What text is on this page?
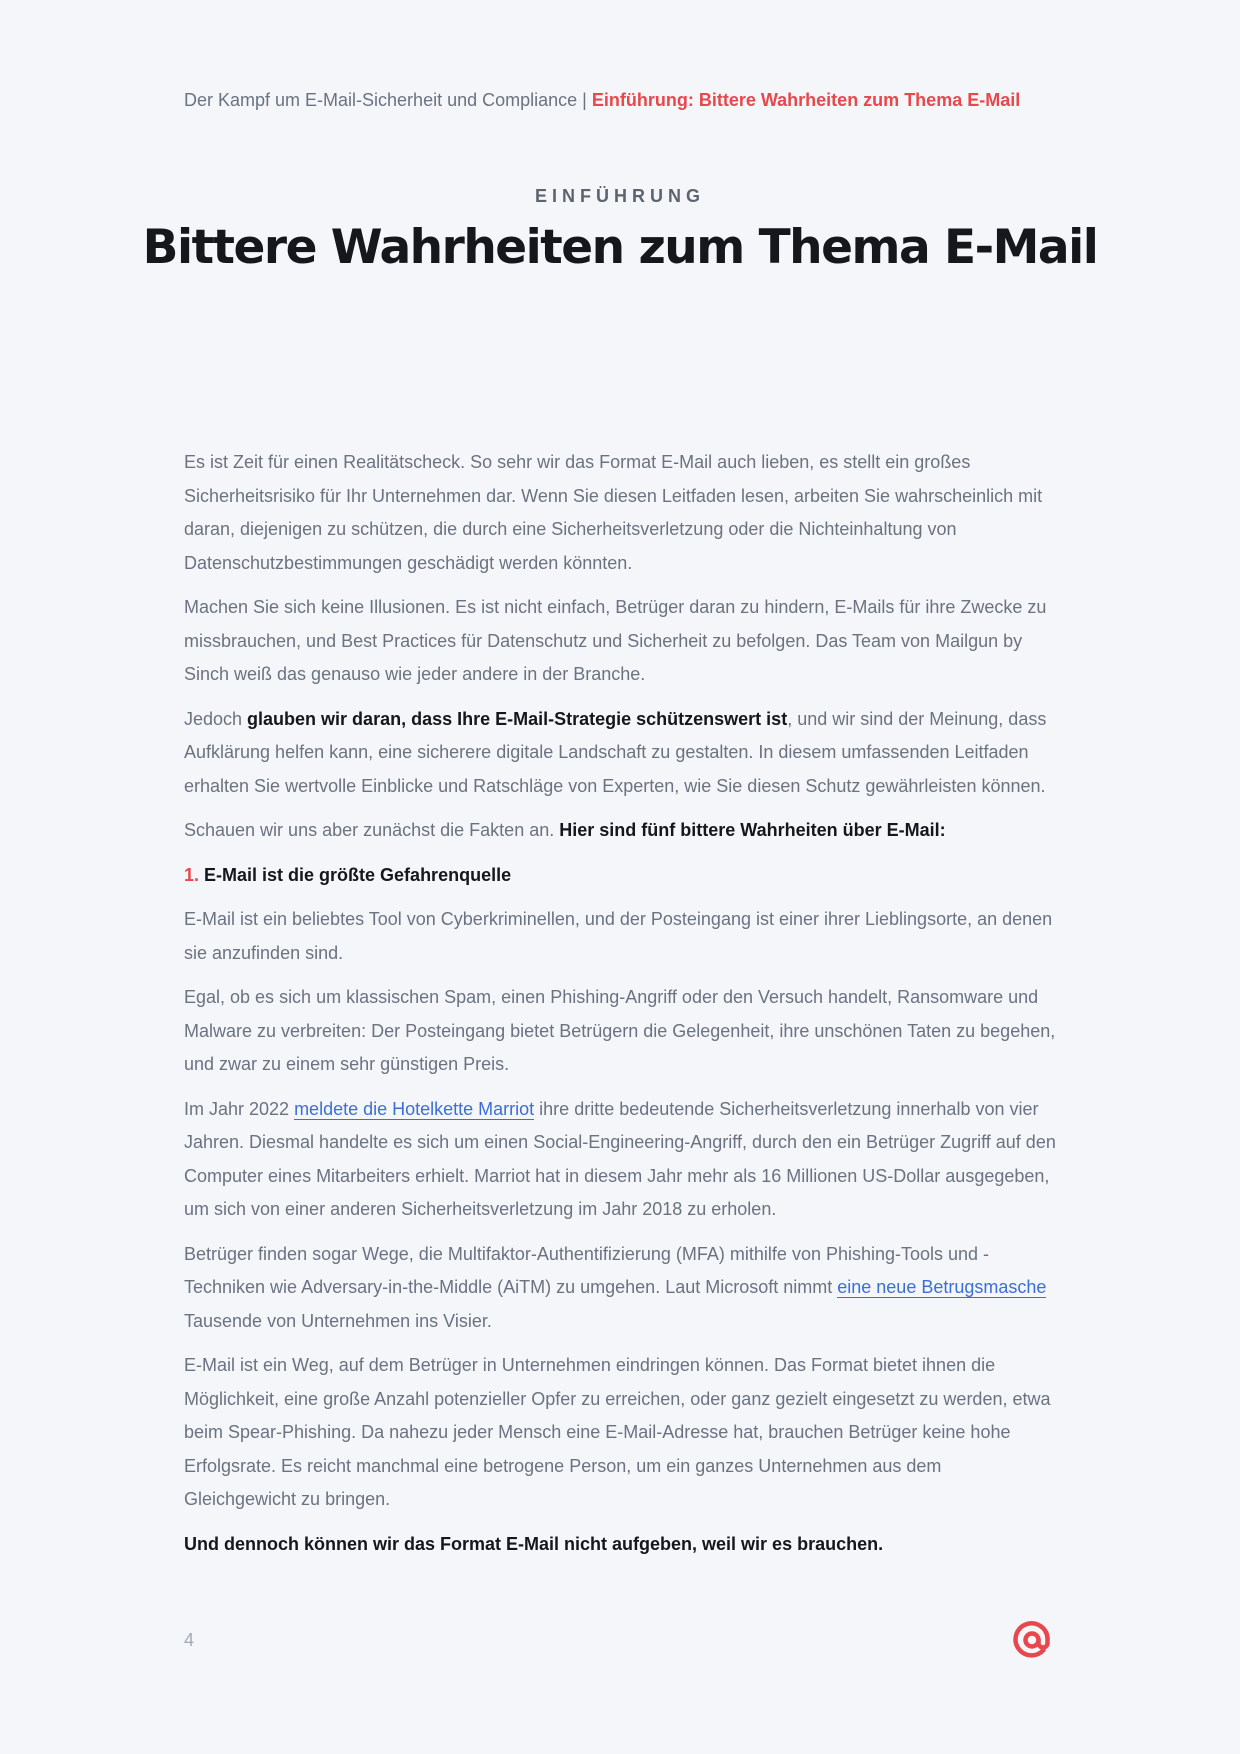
Der Kampf um E-Mail-Sicherheit und Compliance | Einführung: Bittere Wahrheiten zum Thema E-Mail
EINFÜHRUNG
Bittere Wahrheiten zum Thema E-Mail

Es ist Zeit für einen Realitätscheck. So sehr wir das Format E-Mail auch lieben, es stellt ein großes Sicherheitsrisiko für Ihr Unternehmen dar. Wenn Sie diesen Leitfaden lesen, arbeiten Sie wahrscheinlich mit daran, diejenigen zu schützen, die durch eine Sicherheitsverletzung oder die Nichteinhaltung von Datenschutzbestimmungen geschädigt werden könnten.

Machen Sie sich keine Illusionen. Es ist nicht einfach, Betrüger daran zu hindern, E-Mails für ihre Zwecke zu missbrauchen, und Best Practices für Datenschutz und Sicherheit zu befolgen. Das Team von Mailgun by Sinch weiß das genauso wie jeder andere in der Branche.

Jedoch glauben wir daran, dass Ihre E-Mail-Strategie schützenswert ist, und wir sind der Meinung, dass Aufklärung helfen kann, eine sicherere digitale Landschaft zu gestalten. In diesem umfassenden Leitfaden erhalten Sie wertvolle Einblicke und Ratschläge von Experten, wie Sie diesen Schutz gewährleisten können.

Schauen wir uns aber zunächst die Fakten an. Hier sind fünf bittere Wahrheiten über E-Mail:

1. E-Mail ist die größte Gefahrenquelle

E-Mail ist ein beliebtes Tool von Cyberkriminellen, und der Posteingang ist einer ihrer Lieblingsorte, an denen sie anzufinden sind.

Egal, ob es sich um klassischen Spam, einen Phishing-Angriff oder den Versuch handelt, Ransomware und Malware zu verbreiten: Der Posteingang bietet Betrügern die Gelegenheit, ihre unschönen Taten zu begehen, und zwar zu einem sehr günstigen Preis.

Im Jahr 2022 meldete die Hotelkette Marriot ihre dritte bedeutende Sicherheitsverletzung innerhalb von vier Jahren. Diesmal handelte es sich um einen Social-Engineering-Angriff, durch den ein Betrüger Zugriff auf den Computer eines Mitarbeiters erhielt. Marriot hat in diesem Jahr mehr als 16 Millionen US-Dollar ausgegeben, um sich von einer anderen Sicherheitsverletzung im Jahr 2018 zu erholen.

Betrüger finden sogar Wege, die Multifaktor-Authentifizierung (MFA) mithilfe von Phishing-Tools und -Techniken wie Adversary-in-the-Middle (AiTM) zu umgehen. Laut Microsoft nimmt eine neue Betrugsmasche Tausende von Unternehmen ins Visier.

E-Mail ist ein Weg, auf dem Betrüger in Unternehmen eindringen können. Das Format bietet ihnen die Möglichkeit, eine große Anzahl potenzieller Opfer zu erreichen, oder ganz gezielt eingesetzt zu werden, etwa beim Spear-Phishing. Da nahezu jeder Mensch eine E-Mail-Adresse hat, brauchen Betrüger keine hohe Erfolgsrate. Es reicht manchmal eine betrogene Person, um ein ganzes Unternehmen aus dem Gleichgewicht zu bringen.

Und dennoch können wir das Format E-Mail nicht aufgeben, weil wir es brauchen.

4
